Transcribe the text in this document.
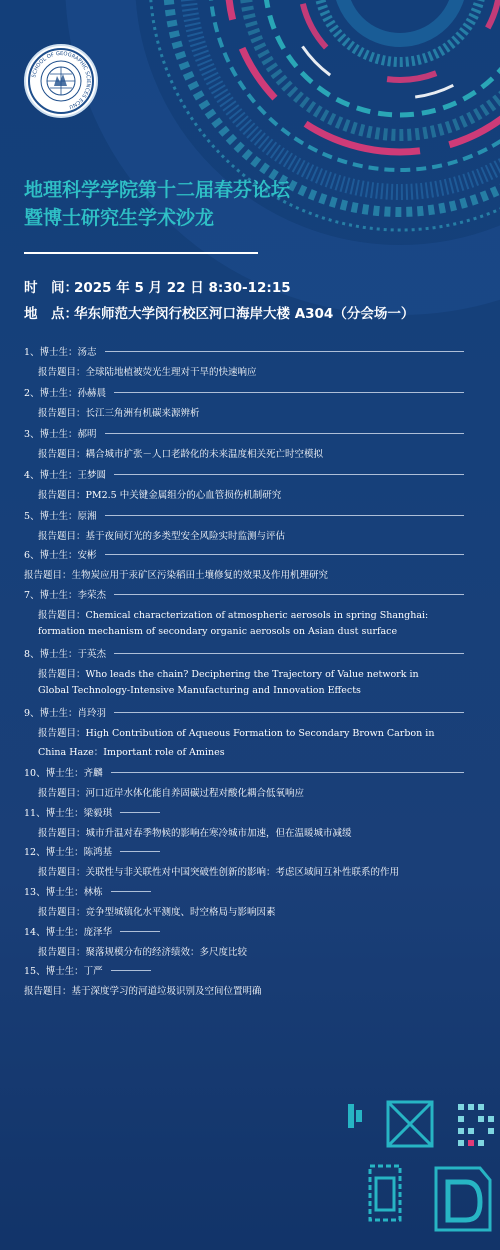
SCHOOL OF GEOGRAPHIC SCIENCES ECNU
地理科学学院第十二届春芬论坛
暨博士研究生学术沙龙
时　间：2025 年 5 月 22 日 8:30-12:15
地　点：华东师范大学闵行校区河口海岸大楼 A304（分会场一）
1、博士生：汤志
报告题目：全球陆地植被荧光生理对干旱的快速响应
2、博士生：孙赫晨
报告题目：长江三角洲有机碳来源辨析
3、博士生：郝明
报告题目：耦合城市扩张－人口老龄化的未来温度相关死亡时空模拟
4、博士生：王梦圆
报告题目：PM2.5 中关键金属组分的心血管损伤机制研究
5、博士生：原湘
报告题目：基于夜间灯光的多类型安全风险实时监测与评估
6、博士生：安彬
报告题目：生物炭应用于汞矿区污染稻田土壤修复的效果及作用机理研究
7、博士生：李荣杰
报告题目：Chemical characterization of atmospheric aerosols in spring Shanghai:
formation mechanism of secondary organic aerosols on Asian dust surface
8、博士生：于英杰
报告题目：Who leads the chain? Deciphering the Trajectory of Value network in
Global Technology-Intensive Manufacturing and Innovation Effects
9、博士生：肖玲羽
报告题目：High Contribution of Aqueous Formation to Secondary Brown Carbon in
China Haze：Important role of Amines
10、博士生：齐麟
报告题目：河口近岸水体化能自养固碳过程对酸化耦合低氧响应
11、博士生：梁毅琪
报告题目：城市升温对春季物候的影响在寒冷城市加速，但在温暖城市减缓
12、博士生：陈鸿基
报告题目：关联性与非关联性对中国突破性创新的影响：考虑区域间互补性联系的作用
13、博士生：林栋
报告题目：竞争型城镇化水平测度、时空格局与影响因素
14、博士生：庞泽华
报告题目：聚落规模分布的经济绩效：多尺度比较
15、博士生：丁严
报告题目：基于深度学习的河道垃圾识别及空间位置明确
